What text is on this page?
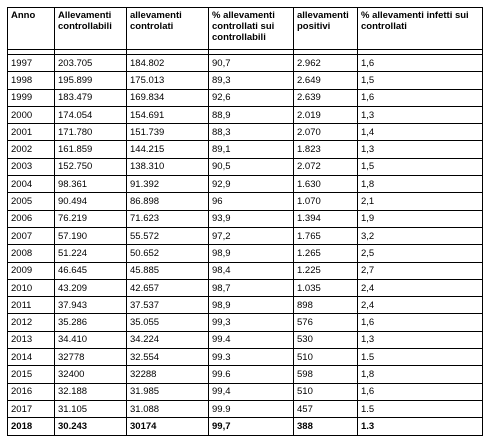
Anno	Allevamenti controllabili	allevamenti controlati	% allevamenti controllati sui controllabili	allevamenti positivi	% allevamenti infetti sui controllati

1997	203.705	184.802	90,7	2.962	1,6
1998	195.899	175.013	89,3	2.649	1,5
1999	183.479	169.834	92,6	2.639	1,6
2000	174.054	154.691	88,9	2.019	1,3
2001	171.780	151.739	88,3	2.070	1,4
2002	161.859	144.215	89,1	1.823	1,3
2003	152.750	138.310	90,5	2.072	1,5
2004	98.361	91.392	92,9	1.630	1,8
2005	90.494	86.898	96	1.070	2,1
2006	76.219	71.623	93,9	1.394	1,9
2007	57.190	55.572	97,2	1.765	3,2
2008	51.224	50.652	98,9	1.265	2,5
2009	46.645	45.885	98,4	1.225	2,7
2010	43.209	42.657	98,7	1.035	2,4
2011	37.943	37.537	98,9	898	2,4
2012	35.286	35.055	99,3	576	1,6
2013	34.410	34.224	99.4	530	1,3
2014	32778	32.554	99.3	510	1.5
2015	32400	32288	99.6	598	1,8
2016	32.188	31.985	99,4	510	1,6
2017	31.105	31.088	99.9	457	1.5
2018	30.243	30174	99,7	388	1.3
